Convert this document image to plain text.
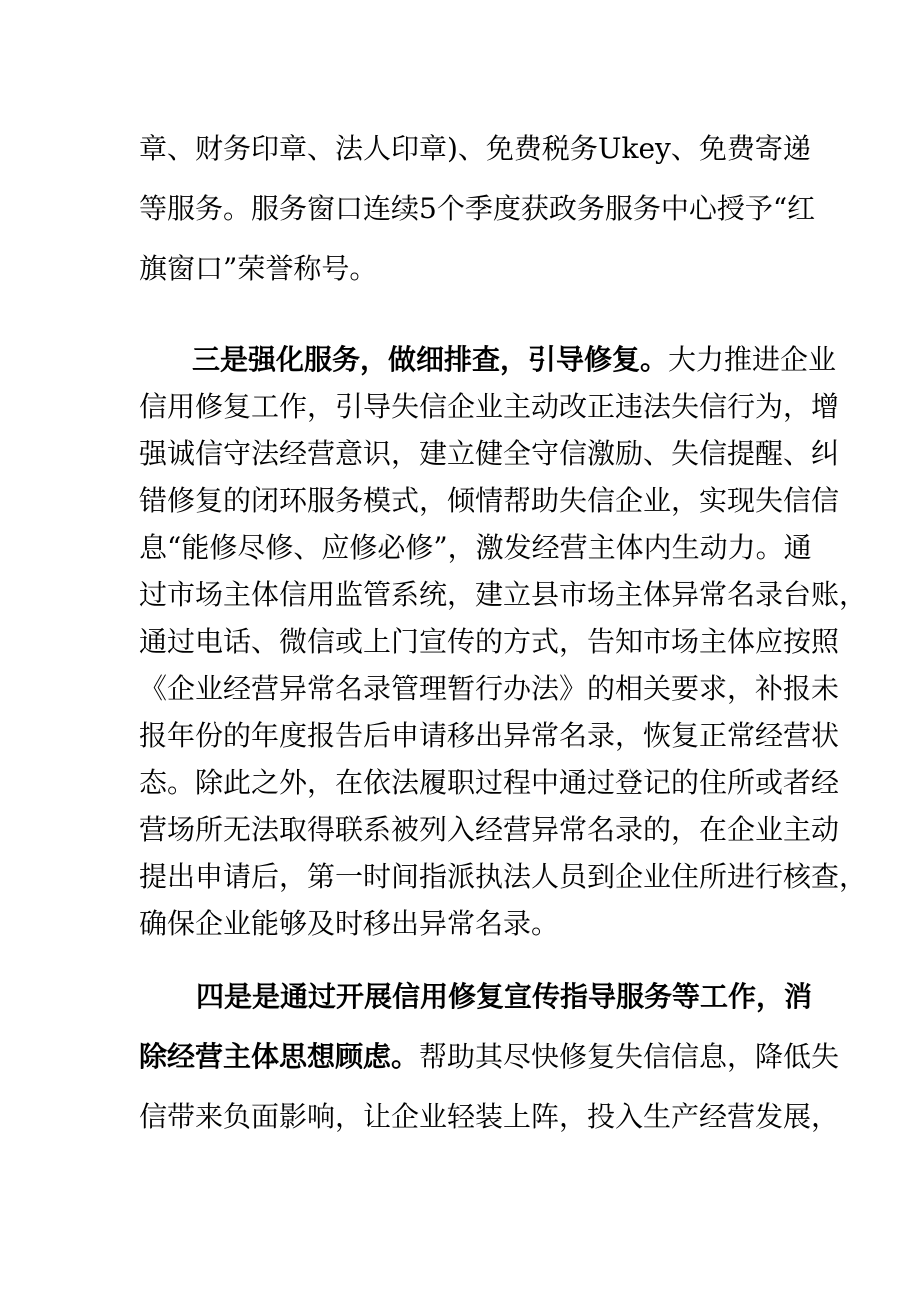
章、财务印章、法人印章)、免费税务Ukey、免费寄递
等服务。服务窗口连续5个季度获政务服务中心授予“红
旗窗口”荣誉称号。
三是强化服务，做细排查，引导修复。大力推进企业
信用修复工作，引导失信企业主动改正违法失信行为，增
强诚信守法经营意识，建立健全守信激励、失信提醒、纠
错修复的闭环服务模式，倾情帮助失信企业，实现失信信
息“能修尽修、应修必修”，激发经营主体内生动力。通
过市场主体信用监管系统，建立县市场主体异常名录台账，
通过电话、微信或上门宣传的方式，告知市场主体应按照
《企业经营异常名录管理暂行办法》的相关要求，补报未
报年份的年度报告后申请移出异常名录，恢复正常经营状
态。除此之外，在依法履职过程中通过登记的住所或者经
营场所无法取得联系被列入经营异常名录的，在企业主动
提出申请后，第一时间指派执法人员到企业住所进行核查，
确保企业能够及时移出异常名录。
四是是通过开展信用修复宣传指导服务等工作，消
除经营主体思想顾虑。帮助其尽快修复失信信息，降低失
信带来负面影响，让企业轻装上阵，投入生产经营发展，
